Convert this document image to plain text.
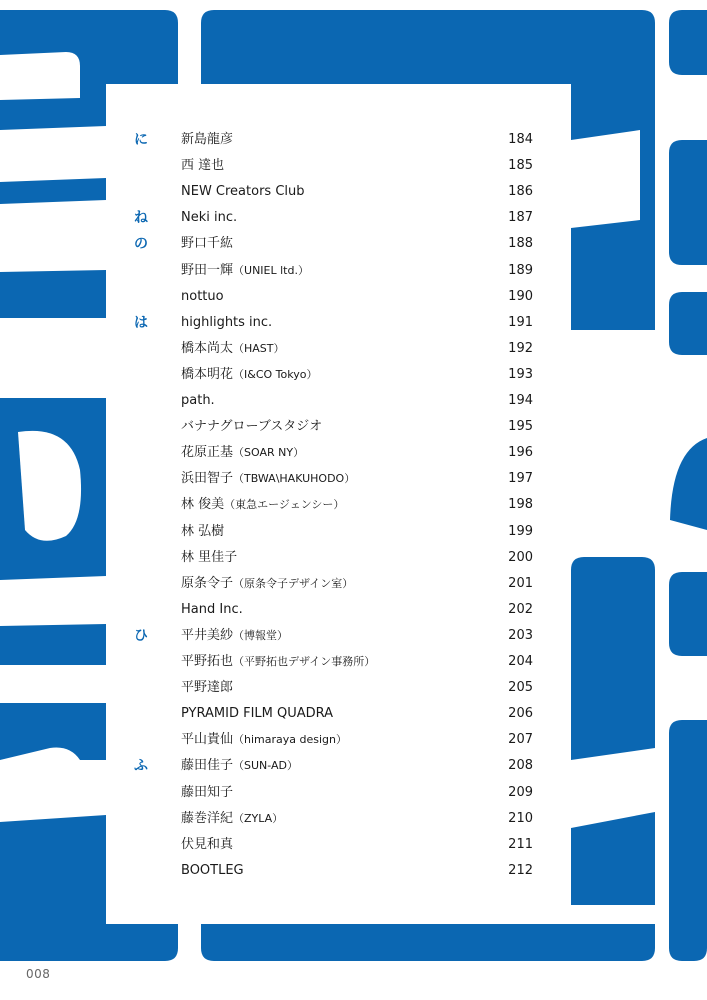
に	新島龍彦	184
西 達也	185
NEW Creators Club	186
ね	Neki inc.	187
の	野口千紘	188
野田一輝（UNIEL ltd.）	189
nottuo	190
は	highlights inc.	191
橋本尚太（HAST）	192
橋本明花（I&CO Tokyo）	193
path.	194
バナナグローブスタジオ	195
花原正基（SOAR NY）	196
浜田智子（TBWA\HAKUHODO）	197
林 俊美（東急エージェンシー）	198
林 弘樹	199
林 里佳子	200
原条令子（原条令子デザイン室）	201
Hand Inc.	202
ひ	平井美紗（博報堂）	203
平野拓也（平野拓也デザイン事務所）	204
平野達郎	205
PYRAMID FILM QUADRA	206
平山貴仙（himaraya design）	207
ふ	藤田佳子（SUN-AD）	208
藤田知子	209
藤巻洋紀（ZYLA）	210
伏見和真	211
BOOTLEG	212
008
